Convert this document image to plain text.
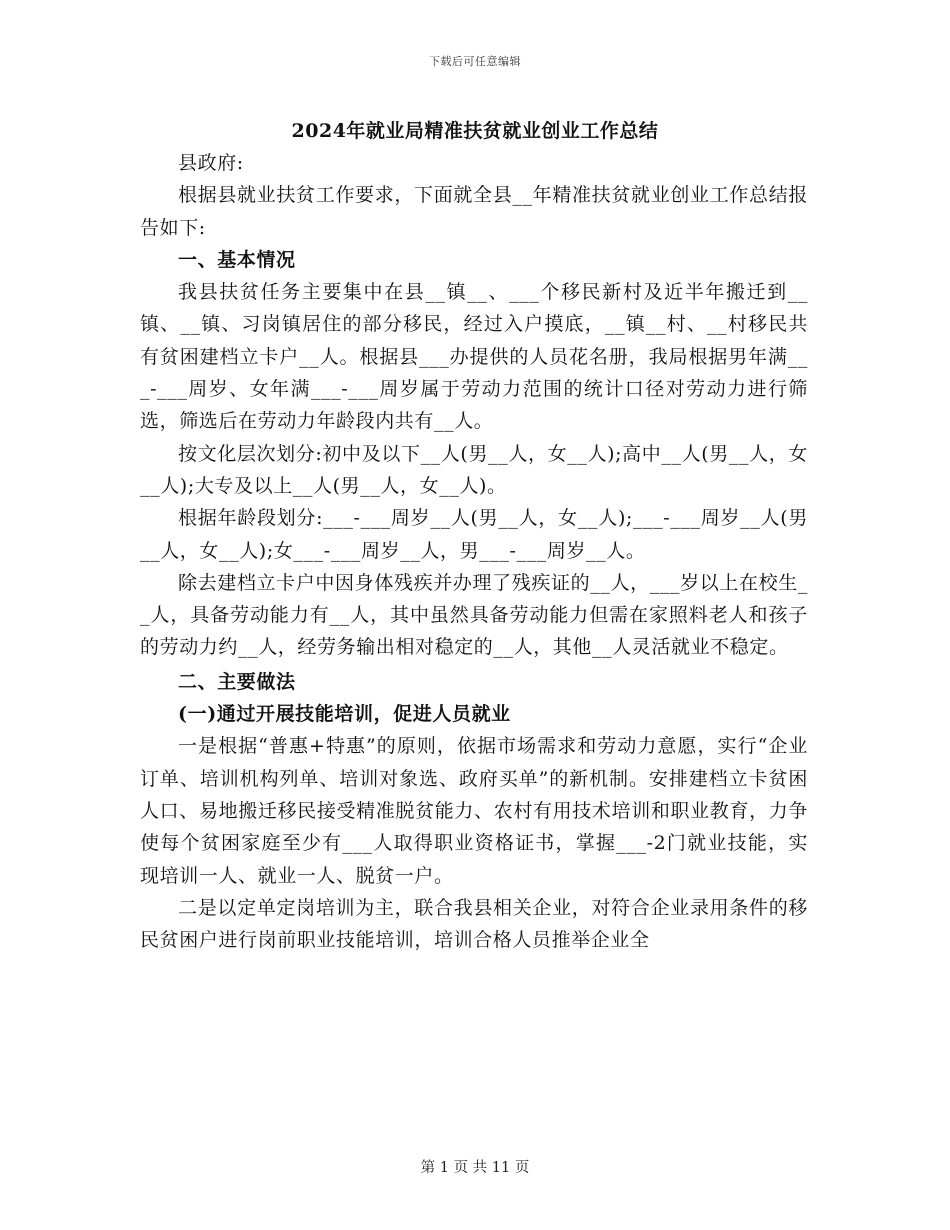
下载后可任意编辑
2024年就业局精准扶贫就业创业工作总结

县政府:

根据县就业扶贫工作要求，下面就全县__年精准扶贫就业创业工作总结报告如下:

一、基本情况

我县扶贫任务主要集中在县__镇__、___个移民新村及近半年搬迁到__镇、__镇、习岗镇居住的部分移民，经过入户摸底，__镇__村、__村移民共有贫困建档立卡户__人。根据县___办提供的人员花名册，我局根据男年满___-___周岁、女年满___-___周岁属于劳动力范围的统计口径对劳动力进行筛选，筛选后在劳动力年龄段内共有__人。

按文化层次划分:初中及以下__人(男__人，女__人);高中__人(男__人，女__人);大专及以上__人(男__人，女__人)。

根据年龄段划分:___-___周岁__人(男__人，女__人);___-___周岁__人(男__人，女__人);女___-___周岁__人，男___-___周岁__人。

除去建档立卡户中因身体残疾并办理了残疾证的__人，___岁以上在校生__人，具备劳动能力有__人，其中虽然具备劳动能力但需在家照料老人和孩子的劳动力约__人，经劳务输出相对稳定的__人，其他__人灵活就业不稳定。

二、主要做法

(一)通过开展技能培训，促进人员就业

一是根据“普惠+特惠”的原则，依据市场需求和劳动力意愿，实行“企业订单、培训机构列单、培训对象选、政府买单”的新机制。安排建档立卡贫困人口、易地搬迁移民接受精准脱贫能力、农村有用技术培训和职业教育，力争使每个贫困家庭至少有___人取得职业资格证书，掌握___-2门就业技能，实现培训一人、就业一人、脱贫一户。

二是以定单定岗培训为主，联合我县相关企业，对符合企业录用条件的移民贫困户进行岗前职业技能培训，培训合格人员推举企业全

第 1 页 共 11 页
